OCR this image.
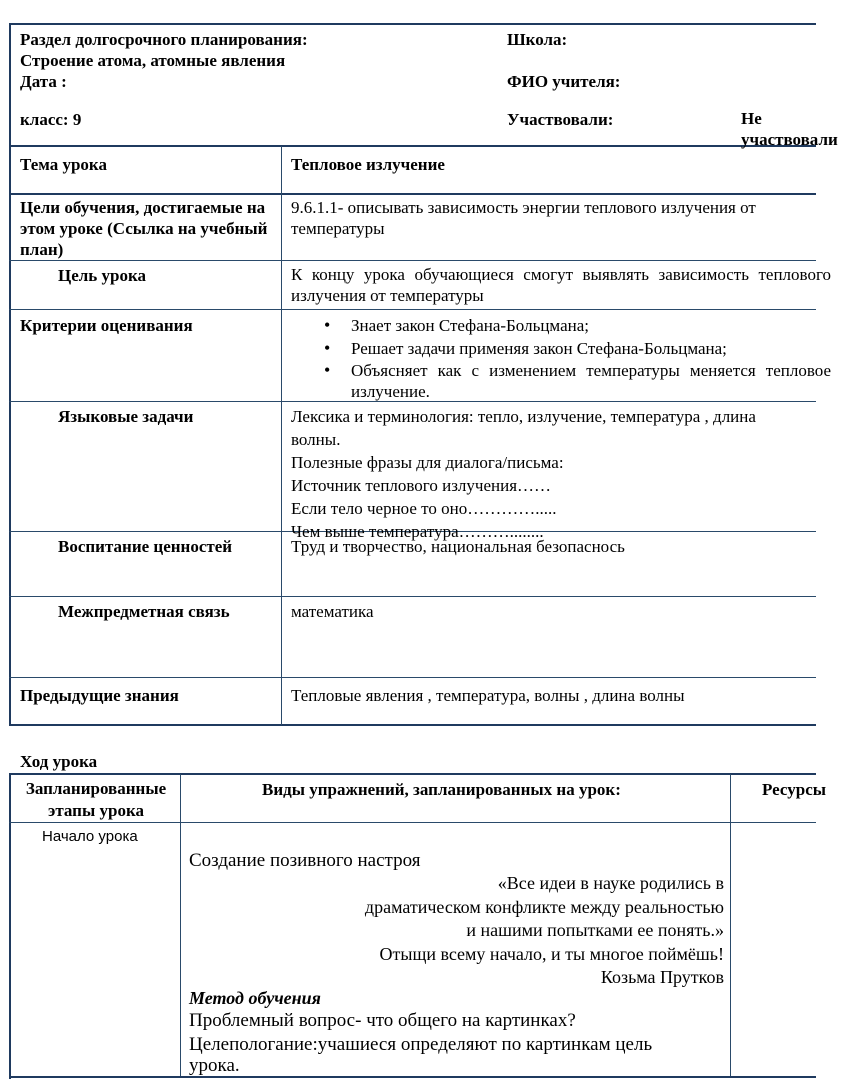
Раздел долгосрочного планирования:
Строение атома, атомные явления
Дата :
класс: 9
Школа:
ФИО учителя:
Участвовали:	Не участвовали
Тема урока	Тепловое излучение
Цели обучения, достигаемые на этом уроке (Ссылка на учебный план)
9.6.1.1- описывать зависимость энергии теплового излучения от температуры
Цель урока	К концу урока обучающиеся смогут выявлять зависимость теплового излучения от температуры
Критерии оценивания
•	Знает закон Стефана-Больцмана;
• Решает задачи применяя закон Стефана-Больцмана;
• Объясняет как с изменением температуры меняется тепловое излучение.
Языковые задачи	Лексика и терминология: тепло, излучение, температура , длина волны.
Полезные фразы для диалога/письма:
Источник теплового излучения……
Если тело черное то оно………….....
Чем выше температура………........
Воспитание ценностей	Труд и творчество, национальная безопаснось
Межпредметная связь	математика
Предыдущие знания	Тепловые явления , температура, волны , длина волны
Ход урока
Запланированные этапы урока
Виды упражнений, запланированных на урок:	Ресурсы
Начало урока
Создание позивного настроя
«Все идеи в науке родились в
драматическом конфликте между реальностью
и нашими попытками ее понять.»
Отыщи всему начало, и ты многое поймёшь!
Козьма Прутков
Метод обучения
Проблемный вопрос- что общего на картинках?
Целепологание:учашиеся определяют по картинкам цель
урока.
